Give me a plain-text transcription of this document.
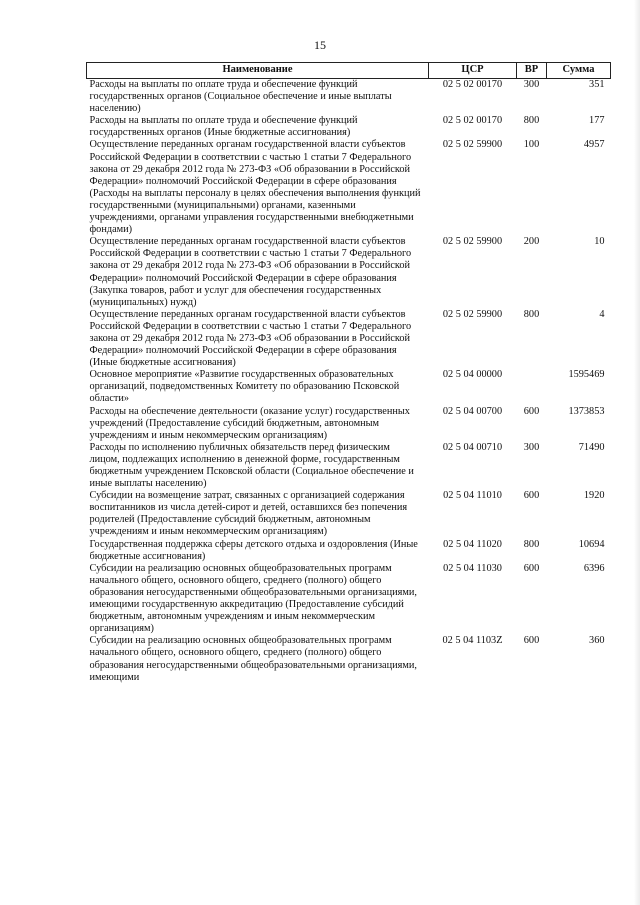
15
Наименование	ЦСР	ВР	Сумма
Расходы на выплаты по оплате труда и обеспечение функций государственных органов (Социальное обеспечение и иные выплаты населению)	02 5 02 00170	300	351
Расходы на выплаты по оплате труда и обеспечение функций государственных органов (Иные бюджетные ассигнования)	02 5 02 00170	800	177
Осуществление переданных органам государственной власти субъектов Российской Федерации в соответствии с частью 1 статьи 7 Федерального закона от 29 декабря 2012 года № 273-ФЗ «Об образовании в Российской Федерации» полномочий Российской Федерации в сфере образования (Расходы на выплаты персоналу в целях обеспечения выполнения функций государственными (муниципальными) органами, казенными учреждениями, органами управления государственными внебюджетными фондами)	02 5 02 59900	100	4957
Осуществление переданных органам государственной власти субъектов Российской Федерации в соответствии с частью 1 статьи 7 Федерального закона от 29 декабря 2012 года № 273-ФЗ «Об образовании в Российской Федерации» полномочий Российской Федерации в сфере образования (Закупка товаров, работ и услуг для обеспечения государственных (муниципальных) нужд)	02 5 02 59900	200	10
Осуществление переданных органам государственной власти субъектов Российской Федерации в соответствии с частью 1 статьи 7 Федерального закона от 29 декабря 2012 года № 273-ФЗ «Об образовании в Российской Федерации» полномочий Российской Федерации в сфере образования (Иные бюджетные ассигнования)	02 5 02 59900	800	4
Основное мероприятие «Развитие государственных образовательных организаций, подведомственных Комитету по образованию Псковской области»	02 5 04 00000		1595469
Расходы на обеспечение деятельности (оказание услуг) государственных учреждений (Предоставление субсидий бюджетным, автономным учреждениям и иным некоммерческим организациям)	02 5 04 00700	600	1373853
Расходы по исполнению публичных обязательств перед физическим лицом, подлежащих исполнению в денежной форме, государственным бюджетным учреждением Псковской области (Социальное обеспечение и иные выплаты населению)	02 5 04 00710	300	71490
Субсидии на возмещение затрат, связанных с организацией содержания воспитанников из числа детей-сирот и детей, оставшихся без попечения родителей (Предоставление субсидий бюджетным, автономным учреждениям и иным некоммерческим организациям)	02 5 04 11010	600	1920
Государственная поддержка сферы детского отдыха и оздоровления (Иные бюджетные ассигнования)	02 5 04 11020	800	10694
Субсидии на реализацию основных общеобразовательных программ начального общего, основного общего, среднего (полного) общего образования негосударственными общеобразовательными организациями, имеющими государственную аккредитацию (Предоставление субсидий бюджетным, автономным учреждениям и иным некоммерческим организациям)	02 5 04 11030	600	6396
Субсидии на реализацию основных общеобразовательных программ начального общего, основного общего, среднего (полного) общего образования негосударственными общеобразовательными организациями, имеющими	02 5 04 1103Z	600	360
